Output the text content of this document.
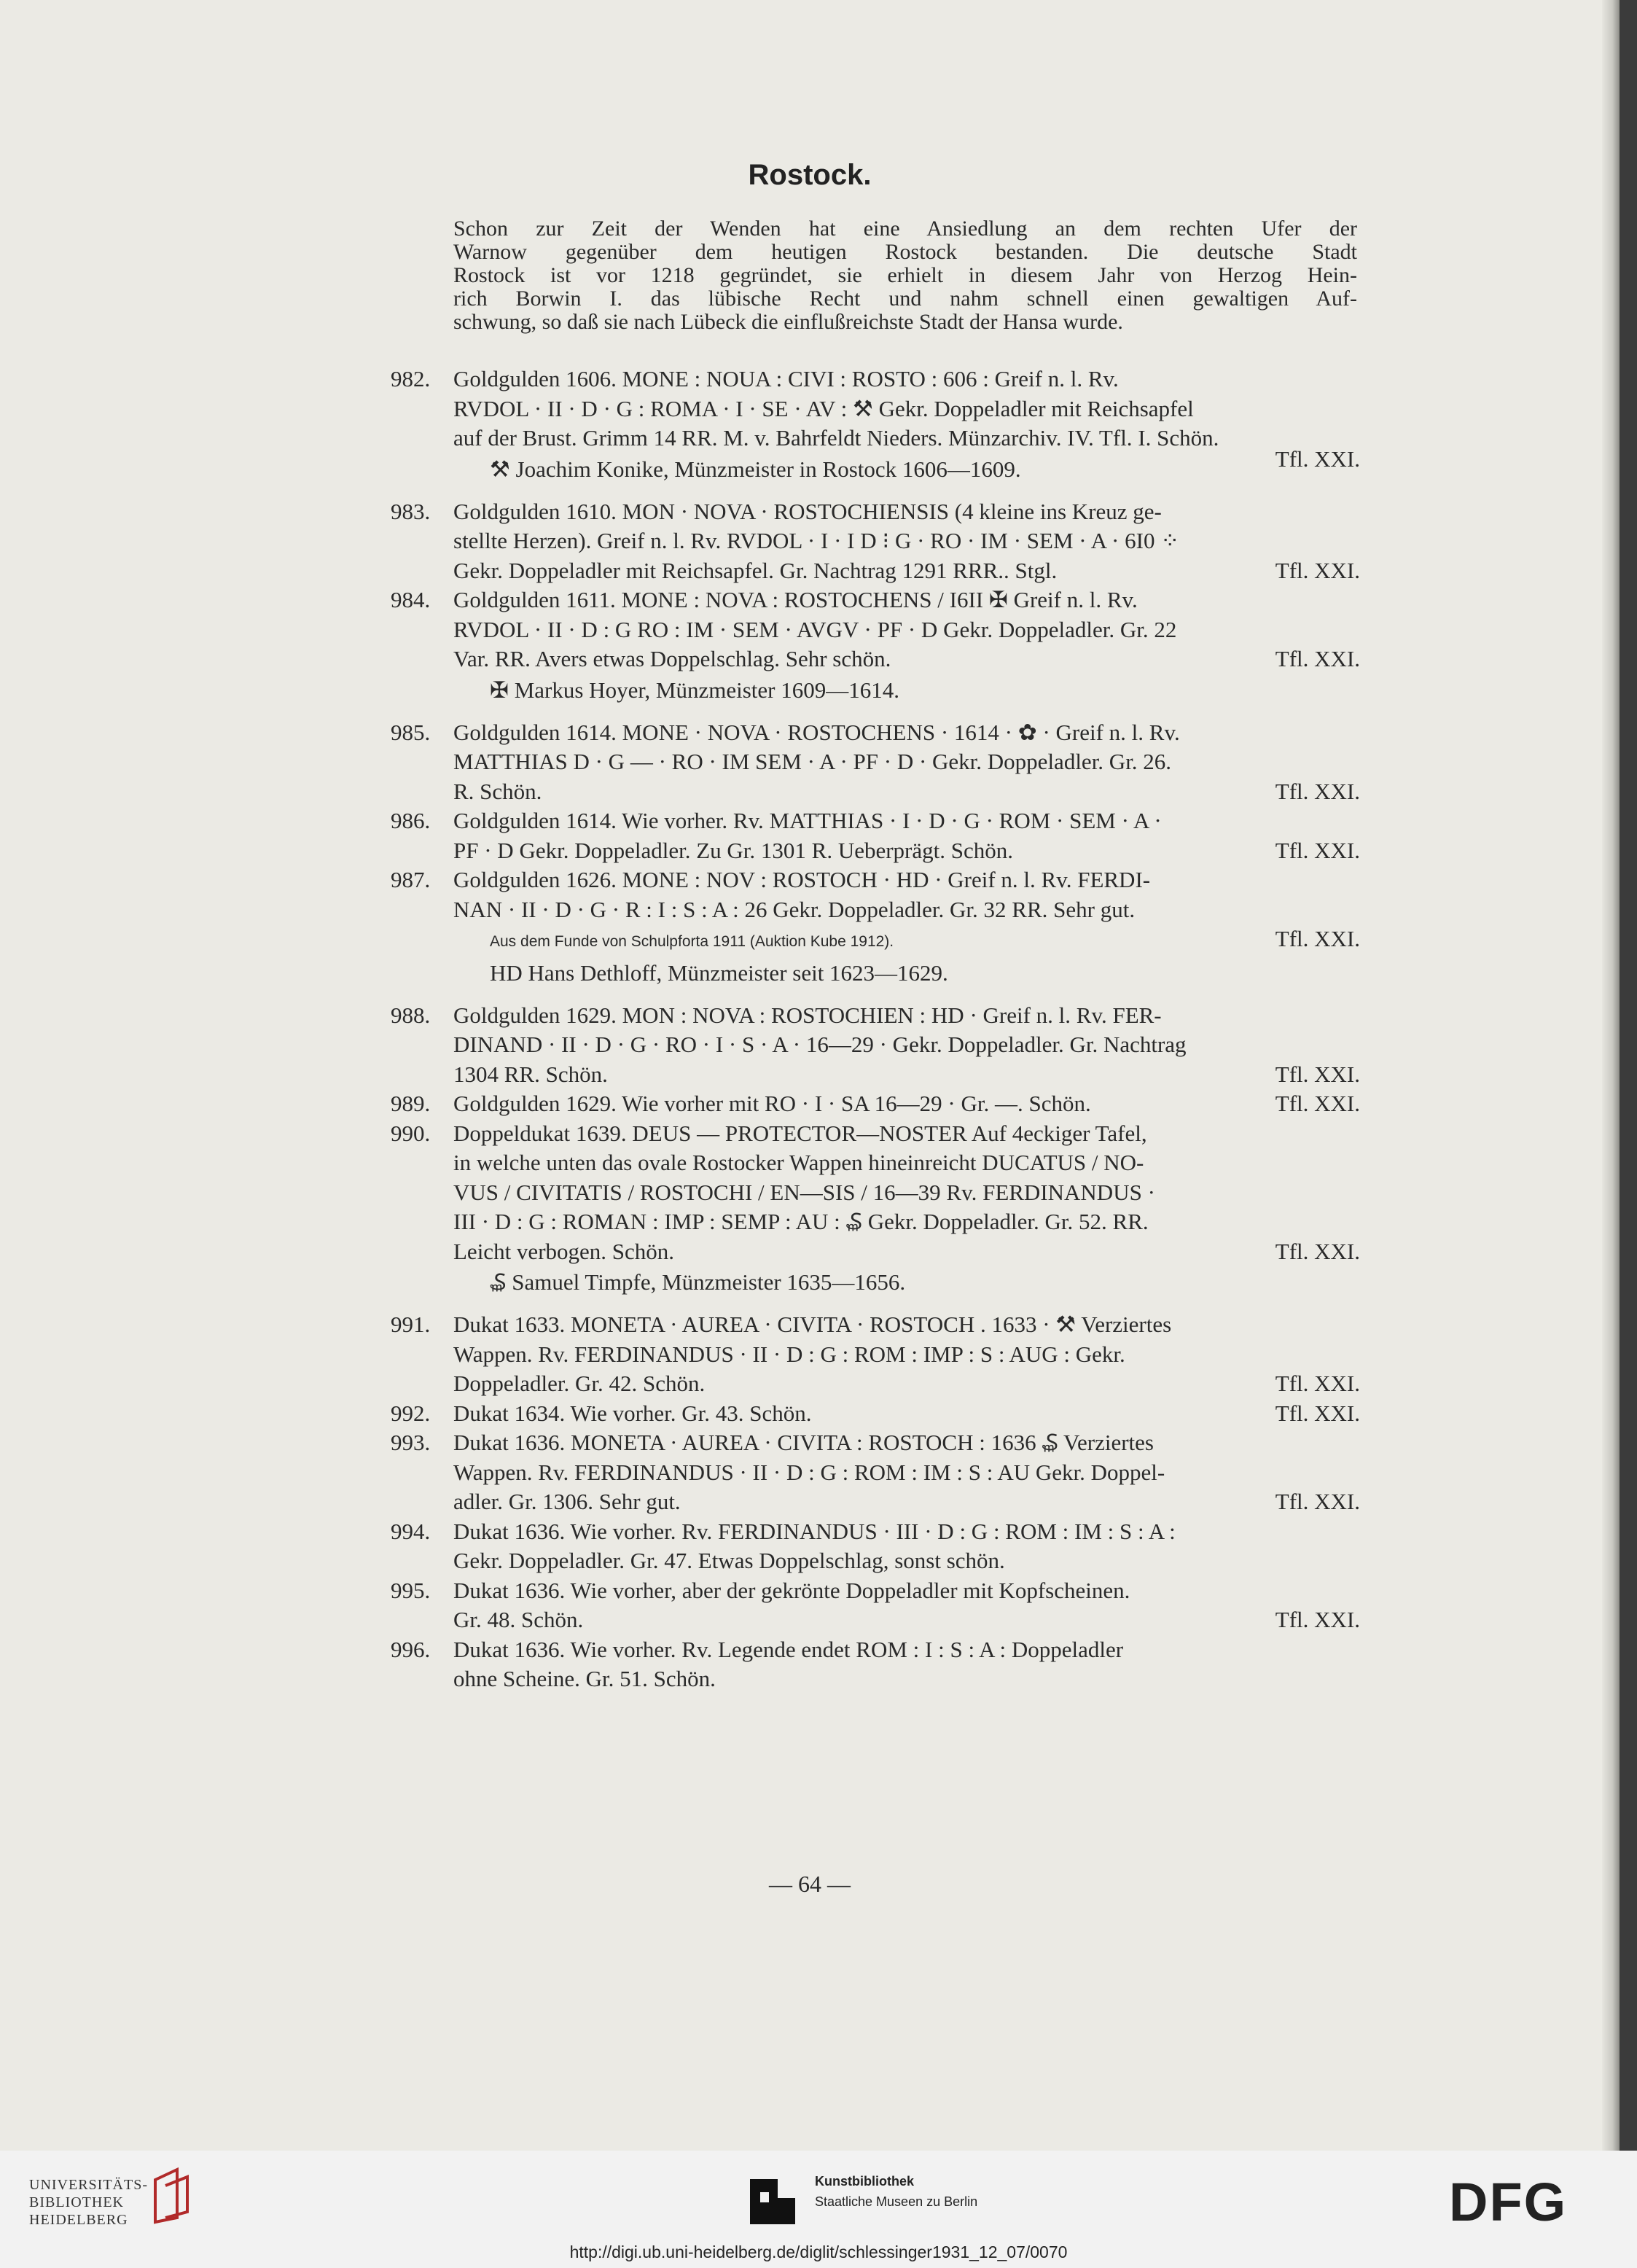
Rostock.
Schon zur Zeit der Wenden hat eine Ansiedlung an dem rechten Ufer der
Warnow gegenüber dem heutigen Rostock bestanden. Die deutsche Stadt
Rostock ist vor 1218 gegründet, sie erhielt in diesem Jahr von Herzog Hein-
rich Borwin I. das lübische Recht und nahm schnell einen gewaltigen Auf-
schwung, so daß sie nach Lübeck die einflußreichste Stadt der Hansa wurde.
982. Goldgulden 1606. MONE : NOUA : CIVI : ROSTO : 606 : Greif n. l. Rv.
RVDOL · II · D · G : ROMA · I · SE · AV : ⚒ Gekr. Doppeladler mit Reichsapfel
auf der Brust. Grimm 14 RR. M. v. Bahrfeldt Nieders. Münzarchiv. IV. Tfl. I. Schön.
⚒ Joachim Konike, Münzmeister in Rostock 1606—1609.	Tfl. XXI.
983. Goldgulden 1610. MON · NOVA · ROSTOCHIENSIS (4 kleine ins Kreuz ge-
stellte Herzen). Greif n. l. Rv. RVDOL · I · I D ⁝ G · RO · IM · SEM · A · 6I0 ⁘
Gekr. Doppeladler mit Reichsapfel. Gr. Nachtrag 1291 RRR.. Stgl.	Tfl. XXI.
984. Goldgulden 1611. MONE : NOVA : ROSTOCHENS / I6II ✠ Greif n. l. Rv.
RVDOL · II · D : G RO : IM · SEM · AVGV · PF · D Gekr. Doppeladler. Gr. 22
Var. RR. Avers etwas Doppelschlag. Sehr schön.	Tfl. XXI.
✠ Markus Hoyer, Münzmeister 1609—1614.
985. Goldgulden 1614. MONE · NOVA · ROSTOCHENS · 1614 · ✿ · Greif n. l. Rv.
MATTHIAS D · G — · RO · IM SEM · A · PF · D · Gekr. Doppeladler. Gr. 26.
R. Schön.	Tfl. XXI.
986. Goldgulden 1614. Wie vorher. Rv. MATTHIAS · I · D · G · ROM · SEM · A ·
PF · D Gekr. Doppeladler. Zu Gr. 1301 R. Ueberprägt. Schön.	Tfl. XXI.
987. Goldgulden 1626. MONE : NOV : ROSTOCH · HD · Greif n. l. Rv. FERDI-
NAN · II · D · G · R : I : S : A : 26 Gekr. Doppeladler. Gr. 32 RR. Sehr gut.
Aus dem Funde von Schulpforta 1911 (Auktion Kube 1912).	Tfl. XXI.
HD Hans Dethloff, Münzmeister seit 1623—1629.
988. Goldgulden 1629. MON : NOVA : ROSTOCHIEN : HD · Greif n. l. Rv. FER-
DINAND · II · D · G · RO · I · S · A · 16—29 · Gekr. Doppeladler. Gr. Nachtrag
1304 RR. Schön.	Tfl. XXI.
989. Goldgulden 1629. Wie vorher mit RO · I · SA 16—29 · Gr. —. Schön.	Tfl. XXI.
990. Doppeldukat 1639. DEUS — PROTECTOR—NOSTER Auf 4eckiger Tafel,
in welche unten das ovale Rostocker Wappen hineinreicht DUCATUS / NO-
VUS / CIVITATIS / ROSTOCHI / EN—SIS / 16—39 Rv. FERDINANDUS ·
III · D : G : ROMAN : IMP : SEMP : AU : ₷ Gekr. Doppeladler. Gr. 52. RR.
Leicht verbogen. Schön.	Tfl. XXI.
₷ Samuel Timpfe, Münzmeister 1635—1656.
991. Dukat 1633. MONETA · AUREA · CIVITA · ROSTOCH . 1633 · ⚒ Verziertes
Wappen. Rv. FERDINANDUS · II · D : G : ROM : IMP : S : AUG : Gekr.
Doppeladler. Gr. 42. Schön.	Tfl. XXI.
992. Dukat 1634. Wie vorher. Gr. 43. Schön.	Tfl. XXI.
993. Dukat 1636. MONETA · AUREA · CIVITA : ROSTOCH : 1636 ₷ Verziertes
Wappen. Rv. FERDINANDUS · II · D : G : ROM : IM : S : AU Gekr. Doppel-
adler. Gr. 1306. Sehr gut.	Tfl. XXI.
994. Dukat 1636. Wie vorher. Rv. FERDINANDUS · III · D : G : ROM : IM : S : A :
Gekr. Doppeladler. Gr. 47. Etwas Doppelschlag, sonst schön.
995. Dukat 1636. Wie vorher, aber der gekrönte Doppeladler mit Kopfscheinen.
Gr. 48. Schön.	Tfl. XXI.
996. Dukat 1636. Wie vorher. Rv. Legende endet ROM : I : S : A : Doppeladler
ohne Scheine. Gr. 51. Schön.
— 64 —
UNIVERSITÄTS-
BIBLIOTHEK
HEIDELBERG
Kunstbibliothek
Staatliche Museen zu Berlin	DFG
http://digi.ub.uni-heidelberg.de/diglit/schlessinger1931_12_07/0070
